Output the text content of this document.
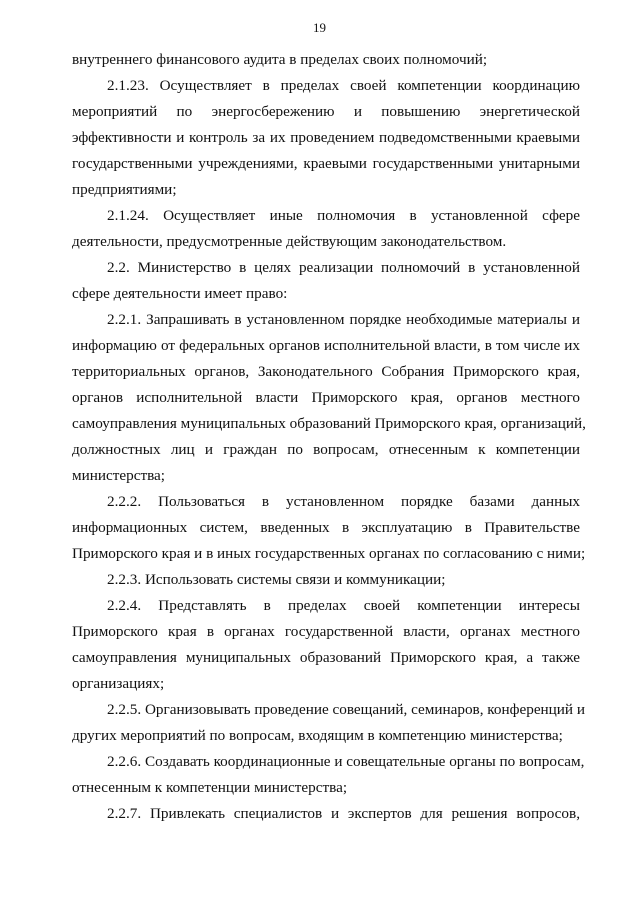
19
внутреннего финансового аудита в пределах своих полномочий;
2.1.23. Осуществляет в пределах своей компетенции координацию
мероприятий по энергосбережению и повышению энергетической
эффективности и контроль за их проведением подведомственными краевыми
государственными учреждениями, краевыми государственными унитарными
предприятиями;
2.1.24. Осуществляет иные полномочия в установленной сфере
деятельности, предусмотренные действующим законодательством.
2.2. Министерство в целях реализации полномочий в установленной
сфере деятельности имеет право:
2.2.1. Запрашивать в установленном порядке необходимые материалы и
информацию от федеральных органов исполнительной власти, в том числе их
территориальных органов, Законодательного Собрания Приморского края,
органов исполнительной власти Приморского края, органов местного
самоуправления муниципальных образований Приморского края, организаций,
должностных лиц и граждан по вопросам, отнесенным к компетенции
министерства;
2.2.2. Пользоваться в установленном порядке базами данных
информационных систем, введенных в эксплуатацию в Правительстве
Приморского края и в иных государственных органах по согласованию с ними;
2.2.3. Использовать системы связи и коммуникации;
2.2.4. Представлять в пределах своей компетенции интересы
Приморского края в органах государственной власти, органах местного
самоуправления муниципальных образований Приморского края, а также
организациях;
2.2.5. Организовывать проведение совещаний, семинаров, конференций и
других мероприятий по вопросам, входящим в компетенцию министерства;
2.2.6. Создавать координационные и совещательные органы по вопросам,
отнесенным к компетенции министерства;
2.2.7. Привлекать специалистов и экспертов для решения вопросов,
